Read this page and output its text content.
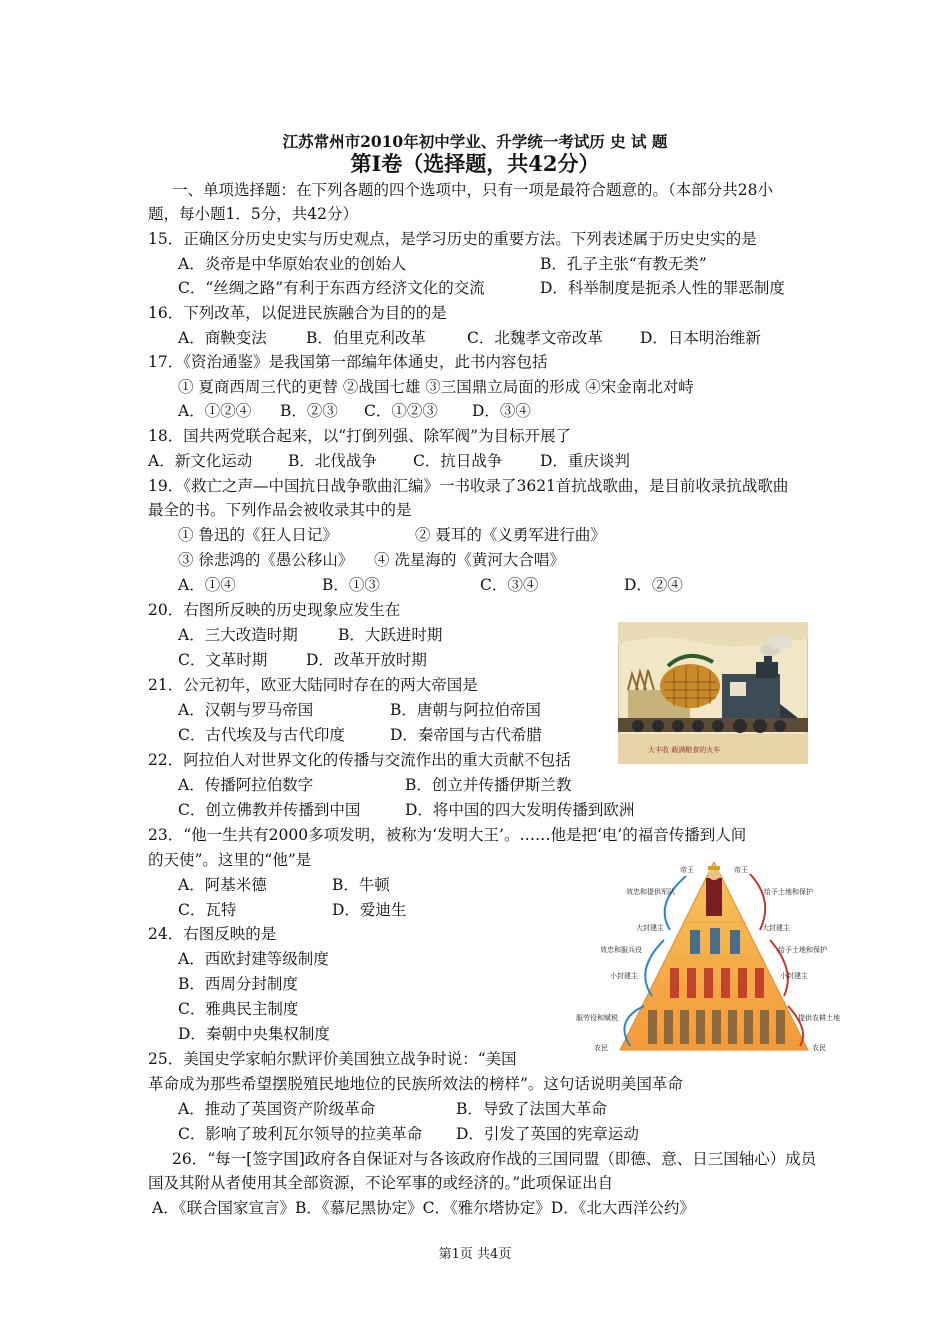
江苏常州市2010年初中学业、升学统一考试历 史 试 题
第Ⅰ卷（选择题，共42分）
一、单项选择题：在下列各题的四个选项中，只有一项是最符合题意的。（本部分共28小
题，每小题1．5分，共42分）
15．正确区分历史史实与历史观点，是学习历史的重要方法。下列表述属于历史史实的是
A．炎帝是中华原始农业的创始人	B．孔子主张“有教无类”
C．“丝绸之路”有利于东西方经济文化的交流	D．科举制度是扼杀人性的罪恶制度
16．下列改革，以促进民族融合为目的的是
A．商鞅变法	B．伯里克利改革	C．北魏孝文帝改革 D．日本明治维新
17．《资治通鉴》是我国第一部编年体通史，此书内容包括
① 夏商西周三代的更替 ②战国七雄 ③三国鼎立局面的形成 ④宋金南北对峙
A．①②④ B．②③ C．①②③ D．③④
18．国共两党联合起来，以“打倒列强、除军阀”为目标开展了
A．新文化运动 B．北伐战争 C．抗日战争 D．重庆谈判
19．《救亡之声—中国抗日战争歌曲汇编》一书收录了3621首抗战歌曲，是目前收录抗战歌曲
最全的书。下列作品会被收录其中的是
① 鲁迅的《狂人日记》	② 聂耳的《义勇军进行曲》
③ 徐悲鸿的《愚公移山》 ④ 冼星海的《黄河大合唱》
A．①④	B．①③	C．③④	D．②④
20．右图所反映的历史现象应发生在
A．三大改造时期	B．大跃进时期
C．文革时期 D．改革开放时期
21．公元初年，欧亚大陆同时存在的两大帝国是
A．汉朝与罗马帝国	B．唐朝与阿拉伯帝国
C．古代埃及与古代印度	D．秦帝国与古代希腊
22．阿拉伯人对世界文化的传播与交流作出的重大贡献不包括
A．传播阿拉伯数字	B．创立并传播伊斯兰教
C．创立佛教并传播到中国	D．将中国的四大发明传播到欧洲
23．“他一生共有2000多项发明，被称为‘发明大王’。……他是把‘电’的福音传播到人间
的天使”。这里的“他”是
A．阿基米德	B．牛顿
C．瓦特	D．爱迪生
24．右图反映的是
A．西欧封建等级制度
B．西周分封制度
C．雅典民主制度
D．秦朝中央集权制度
25．美国史学家帕尔默评价美国独立战争时说：“美国
革命成为那些希望摆脱殖民地地位的民族所效法的榜样”。这句话说明美国革命
A．推动了英国资产阶级革命	B．导致了法国大革命
C．影响了玻利瓦尔领导的拉美革命 D．引发了英国的宪章运动
26．“每一[签字国]政府各自保证对与各该政府作战的三国同盟（即德、意、日三国轴心）成员
国及其附从者使用其全部资源，不论军事的或经济的。”此项保证出自
A．《联合国家宣言》B．《慕尼黑协定》C．《雅尔塔协定》D．《北大西洋公约》
大丰收 载满粮食的火车
帝王	帝王
大封建主	大封建主
小封建主	小封建主
农民	农民
效忠和提供军队
效忠和服兵役
服劳役和赋税
给予土地和保护
给予土地和保护
提供农耕土地
第1页 共4页
